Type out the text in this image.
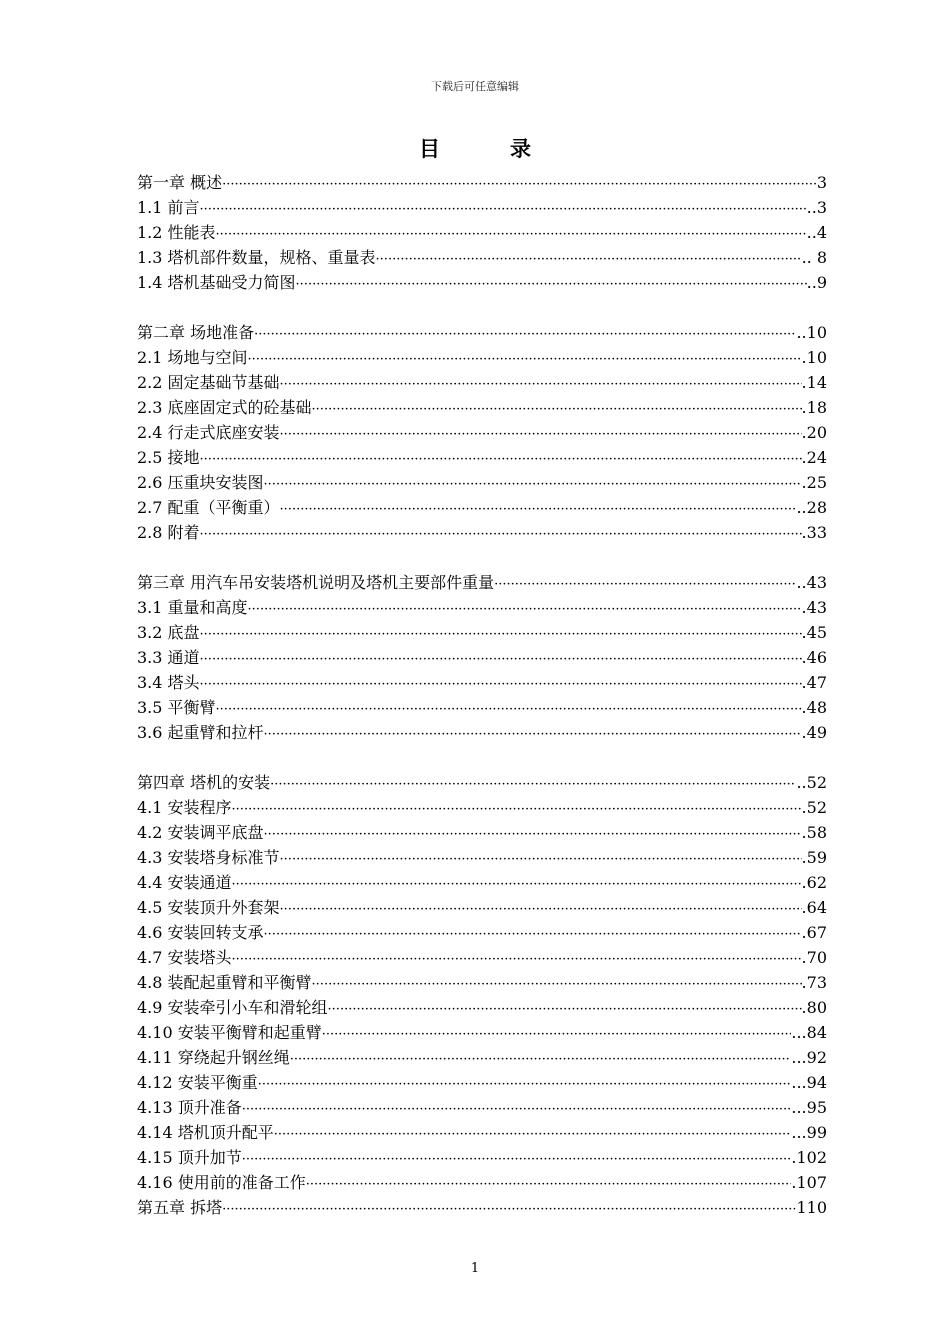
下载后可任意编辑
目	录
第一章 概述 ·····	3
1.1 前言 ·····	..3
1.2 性能表 ·····	..4
1.3 塔机部件数量，规格、重量表 ·····	.. 8
1.4 塔机基础受力简图 ·····	..9
第二章 场地准备 ·····	..10
2.1 场地与空间 ·····	.10
2.2 固定基础节基础 ·····	.14
2.3 底座固定式的砼基础 ·····	.18
2.4 行走式底座安装 ·····	.20
2.5 接地 ·····	.24
2.6 压重块安装图 ·····	.25
2.7 配重（平衡重） ·····	..28
2.8 附着 ·····	.33
第三章 用汽车吊安装塔机说明及塔机主要部件重量 ·····	..43
3.1 重量和高度 ·····	.43
3.2 底盘 ·····	.45
3.3 通道 ·····	.46
3.4 塔头 ·····	.47
3.5 平衡臂 ·····	.48
3.6 起重臂和拉杆 ·····	.49
第四章 塔机的安装 ·····	..52
4.1 安装程序 ·····	.52
4.2 安装调平底盘 ·····	.58
4.3 安装塔身标准节 ·····	.59
4.4 安装通道 ·····	.62
4.5 安装顶升外套架 ·····	.64
4.6 安装回转支承 ·····	.67
4.7 安装塔头 ·····	.70
4.8 装配起重臂和平衡臂 ·····	.73
4.9 安装牵引小车和滑轮组 ·····	.80
4.10 安装平衡臂和起重臂 ·····	...84
4.11 穿绕起升钢丝绳 ·····	...92
4.12 安装平衡重 ·····	...94
4.13 顶升准备 ·····	...95
4.14 塔机顶升配平 ·····	...99
4.15 顶升加节 ·····	.102
4.16 使用前的准备工作 ·····	.107
第五章 拆塔 ·····	110
1
